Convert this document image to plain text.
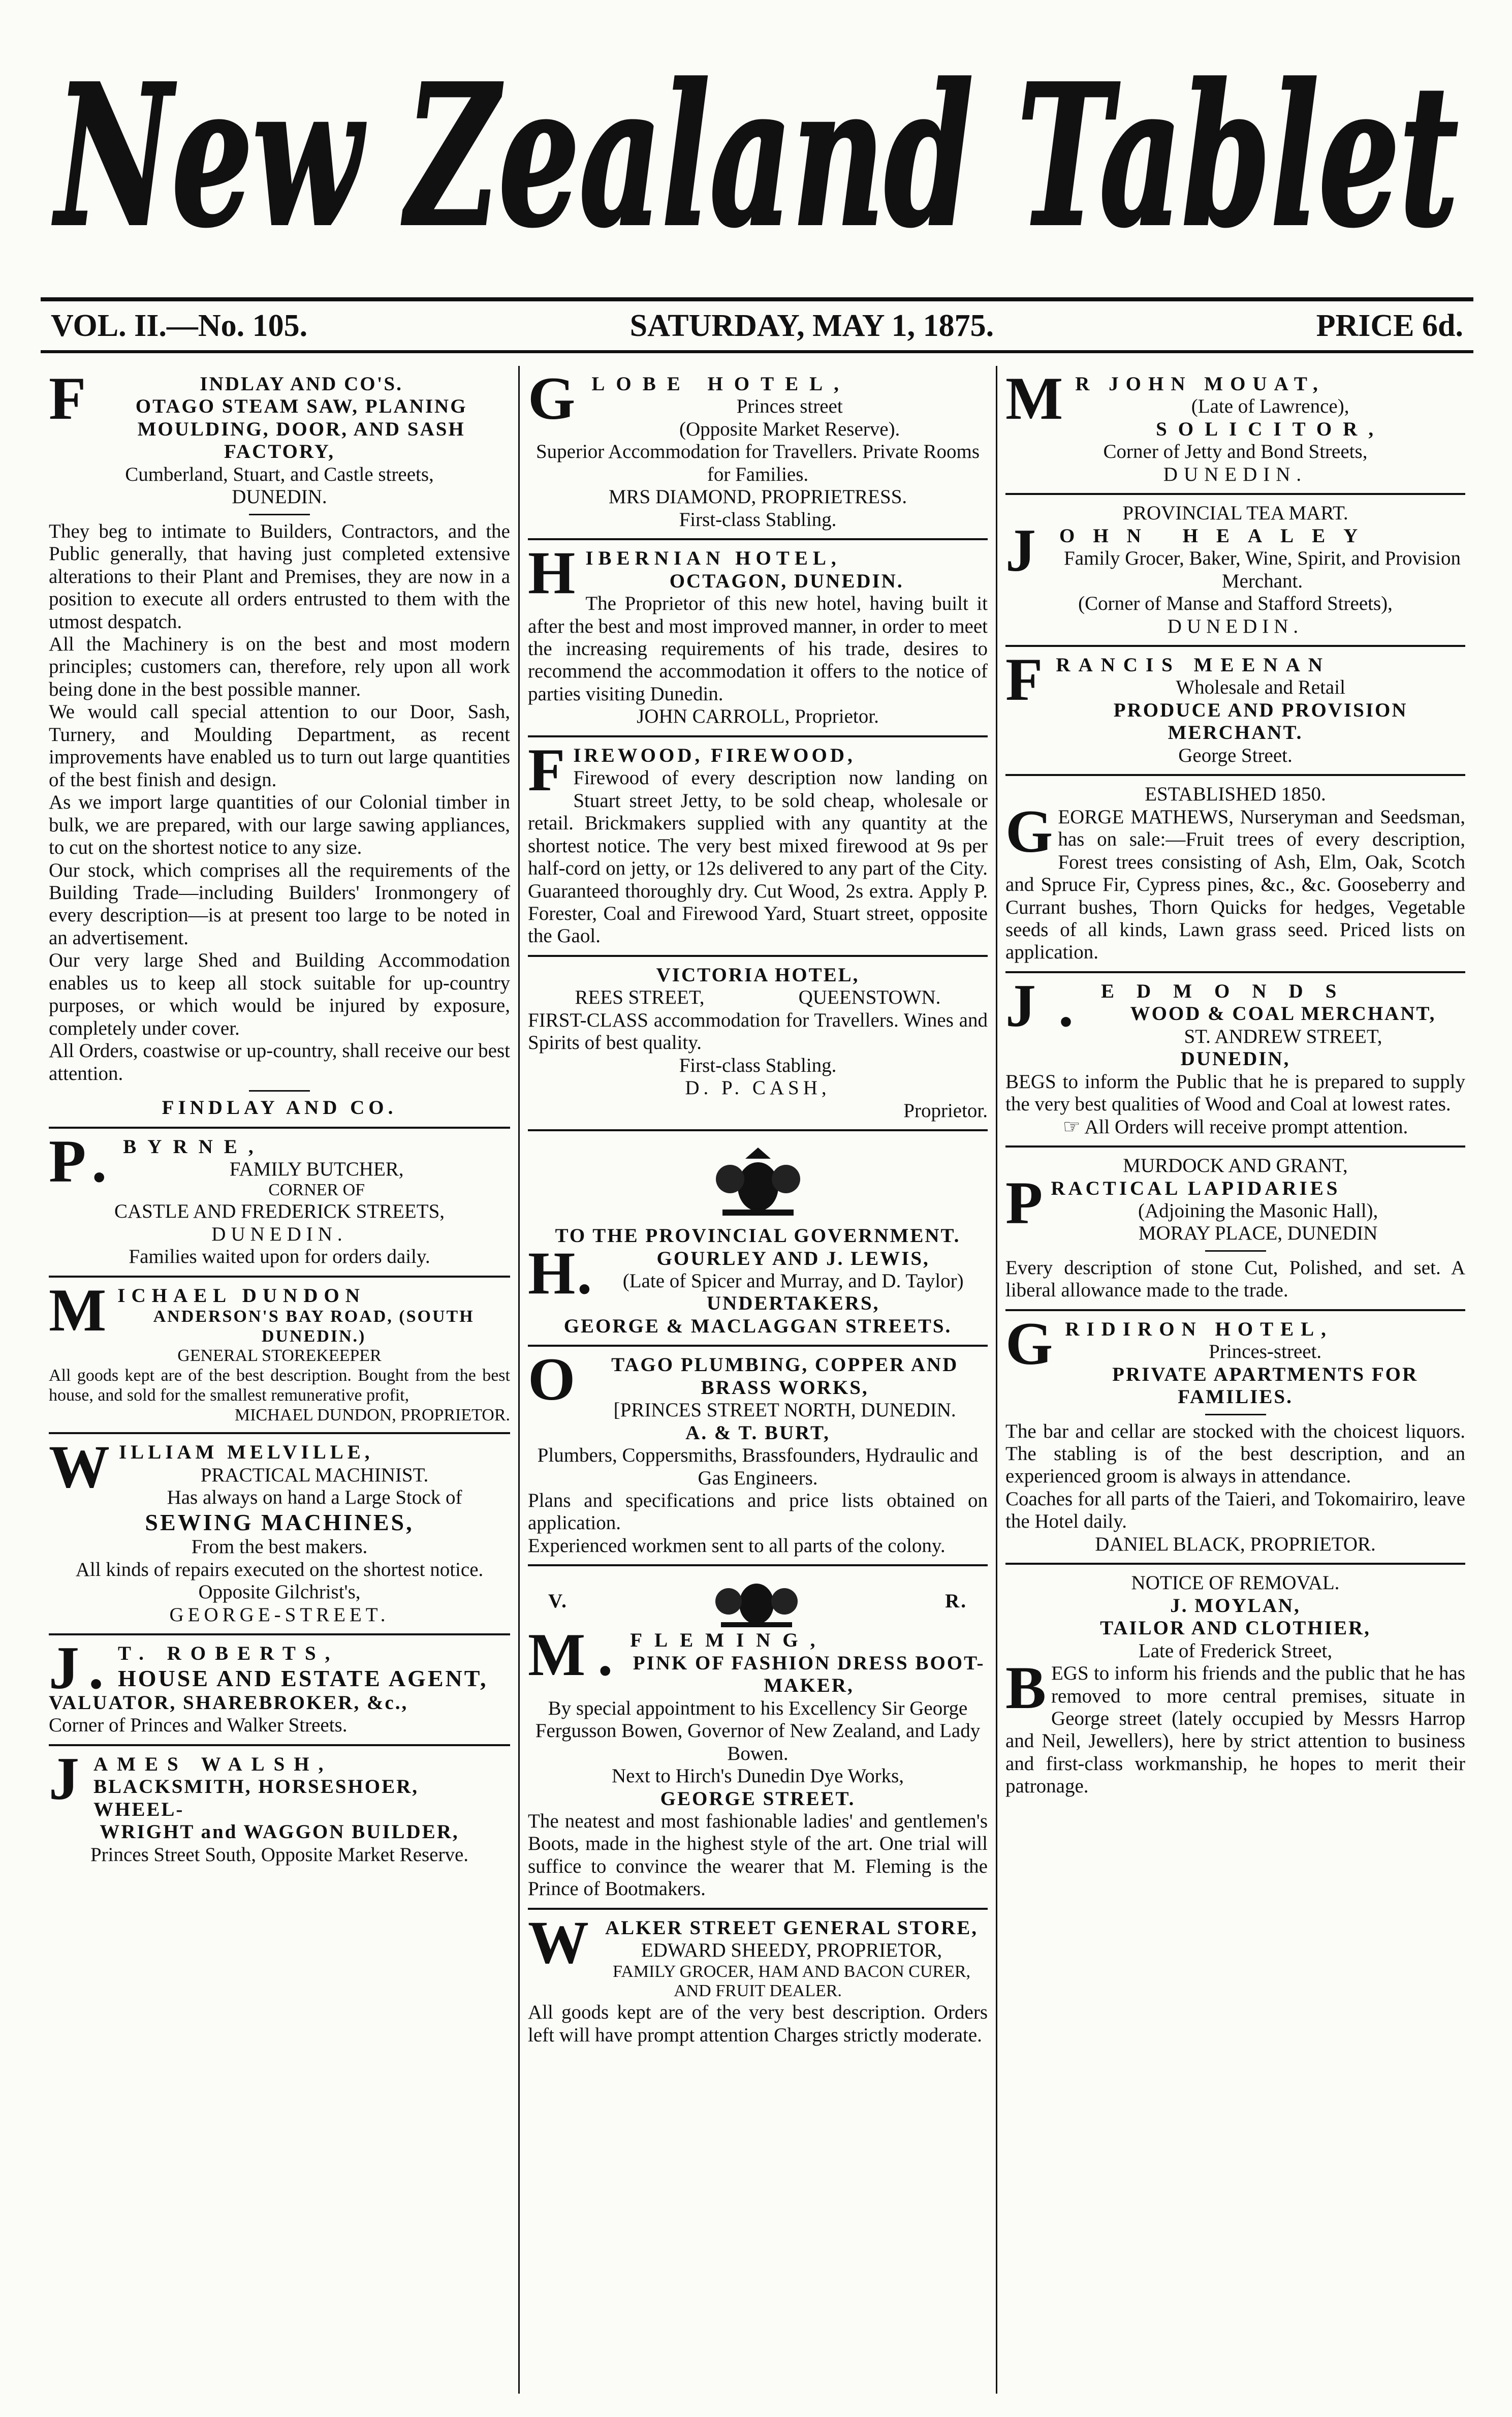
New Zealand Tablet
VOL. II.—No. 105.	SATURDAY, MAY 1, 1875.	PRICE 6d.
FINDLAY AND CO'S.
OTAGO STEAM SAW, PLANING MOULDING, DOOR, AND SASH FACTORY,
Cumberland, Stuart, and Castle streets,
DUNEDIN.
They beg to intimate to Builders, Contractors, and the Public generally, that having just completed extensive alterations to their Plant and Premises, they are now in a position to execute all orders entrusted to them with the utmost despatch.
All the Machinery is on the best and most modern principles; customers can, therefore, rely upon all work being done in the best possible manner.
We would call special attention to our Door, Sash, Turnery, and Moulding Department, as recent improvements have enabled us to turn out large quantities of the best finish and design.
As we import large quantities of our Colonial timber in bulk, we are prepared, with our large sawing appliances, to cut on the shortest notice to any size.
Our stock, which comprises all the requirements of the Building Trade—including Builders' Ironmongery of every description—is at present too large to be noted in an advertisement.
Our very large Shed and Building Accommodation enables us to keep all stock suitable for up-country purposes, or which would be injured by exposure, completely under cover.
All Orders, coastwise or up-country, shall receive our best attention.
FINDLAY AND CO.
P.BYRNE,
FAMILY BUTCHER,
CORNER OF
CASTLE AND FREDERICK STREETS,
DUNEDIN.
Families waited upon for orders daily.
MICHAEL DUNDON
ANDERSON'S BAY ROAD, (SOUTH DUNEDIN.)
GENERAL STOREKEEPER
All goods kept are of the best description. Bought from the best house, and sold for the smallest remunerative profit,
MICHAEL DUNDON, PROPRIETOR.
WILLIAM MELVILLE,
PRACTICAL MACHINIST.
Has always on hand a Large Stock of
SEWING MACHINES,
From the best makers.
All kinds of repairs executed on the shortest notice.
Opposite Gilchrist's,
GEORGE-STREET.
J.T. ROBERTS,
HOUSE AND ESTATE AGENT,
VALUATOR, SHAREBROKER, &c.,
Corner of Princes and Walker Streets.
JAMES WALSH,
BLACKSMITH, HORSESHOER, WHEEL-
WRIGHT and WAGGON BUILDER,
Princes Street South, Opposite Market Reserve.
GLOBE HOTEL,
Princes street
(Opposite Market Reserve).
Superior Accommodation for Travellers. Private Rooms for Families.
MRS DIAMOND, PROPRIETRESS.
First-class Stabling.
HIBERNIAN HOTEL,
OCTAGON, DUNEDIN.
The Proprietor of this new hotel, having built it after the best and most improved manner, in order to meet the increasing requirements of his trade, desires to recommend the accommodation it offers to the notice of parties visiting Dunedin.
JOHN CARROLL, Proprietor.
FIREWOOD, FIREWOOD,
Firewood of every description now landing on Stuart street Jetty, to be sold cheap, wholesale or retail. Brickmakers supplied with any quantity at the shortest notice. The very best mixed firewood at 9s per half-cord on jetty, or 12s delivered to any part of the City. Guaranteed thoroughly dry. Cut Wood, 2s extra. Apply P. Forester, Coal and Firewood Yard, Stuart street, opposite the Gaol.
VICTORIA HOTEL,
REES STREET,	QUEENSTOWN.
FIRST-CLASS accommodation for Travellers. Wines and Spirits of best quality.
First-class Stabling.
D. P. CASH,
Proprietor.
TO THE PROVINCIAL GOVERNMENT.
H.GOURLEY AND J. LEWIS,
(Late of Spicer and Murray, and D. Taylor)
UNDERTAKERS,
GEORGE & MACLAGGAN STREETS.
OTAGO PLUMBING, COPPER AND BRASS WORKS,
[PRINCES STREET NORTH, DUNEDIN.
A. & T. BURT,
Plumbers, Coppersmiths, Brassfounders, Hydraulic and Gas Engineers.
Plans and specifications and price lists obtained on application.
Experienced workmen sent to all parts of the colony.
V.	R.
M.FLEMING,
PINK OF FASHION DRESS BOOT-MAKER,
By special appointment to his Excellency Sir George Fergusson Bowen, Governor of New Zealand, and Lady Bowen.
Next to Hirch's Dunedin Dye Works,
GEORGE STREET.
The neatest and most fashionable ladies' and gentlemen's Boots, made in the highest style of the art. One trial will suffice to convince the wearer that M. Fleming is the Prince of Bootmakers.
WALKER STREET GENERAL STORE,
EDWARD SHEEDY, PROPRIETOR,
FAMILY GROCER, HAM AND BACON CURER, AND FRUIT DEALER.
All goods kept are of the very best description. Orders left will have prompt attention Charges strictly moderate.
MR JOHN MOUAT,
(Late of Lawrence),
SOLICITOR,
Corner of Jetty and Bond Streets,
DUNEDIN.
PROVINCIAL TEA MART.
JOHN HEALEY
Family Grocer, Baker, Wine, Spirit, and Provision Merchant.
(Corner of Manse and Stafford Streets),
DUNEDIN.
FRANCIS MEENAN
Wholesale and Retail
PRODUCE AND PROVISION MERCHANT.
George Street.
ESTABLISHED 1850.
GEORGE MATHEWS, Nurseryman and Seedsman, has on sale:—Fruit trees of every description, Forest trees consisting of Ash, Elm, Oak, Scotch and Spruce Fir, Cypress pines, &c., &c. Gooseberry and Currant bushes, Thorn Quicks for hedges, Vegetable seeds of all kinds, Lawn grass seed. Priced lists on application.
J.EDMONDS
WOOD & COAL MERCHANT,
ST. ANDREW STREET,
DUNEDIN,
BEGS to inform the Public that he is prepared to supply the very best qualities of Wood and Coal at lowest rates.
☞ All Orders will receive prompt attention.
MURDOCK AND GRANT,
PRACTICAL LAPIDARIES
(Adjoining the Masonic Hall),
MORAY PLACE, DUNEDIN
Every description of stone Cut, Polished, and set. A liberal allowance made to the trade.
GRIDIRON HOTEL,
Princes-street.
PRIVATE APARTMENTS FOR FAMILIES.
The bar and cellar are stocked with the choicest liquors. The stabling is of the best description, and an experienced groom is always in attendance.
Coaches for all parts of the Taieri, and Tokomairiro, leave the Hotel daily.
DANIEL BLACK, PROPRIETOR.
NOTICE OF REMOVAL.
J. MOYLAN,
TAILOR AND CLOTHIER,
Late of Frederick Street,
BEGS to inform his friends and the public that he has removed to more central premises, situate in George street (lately occupied by Messrs Harrop and Neil, Jewellers), here by strict attention to business and first-class workmanship, he hopes to merit their patronage.
